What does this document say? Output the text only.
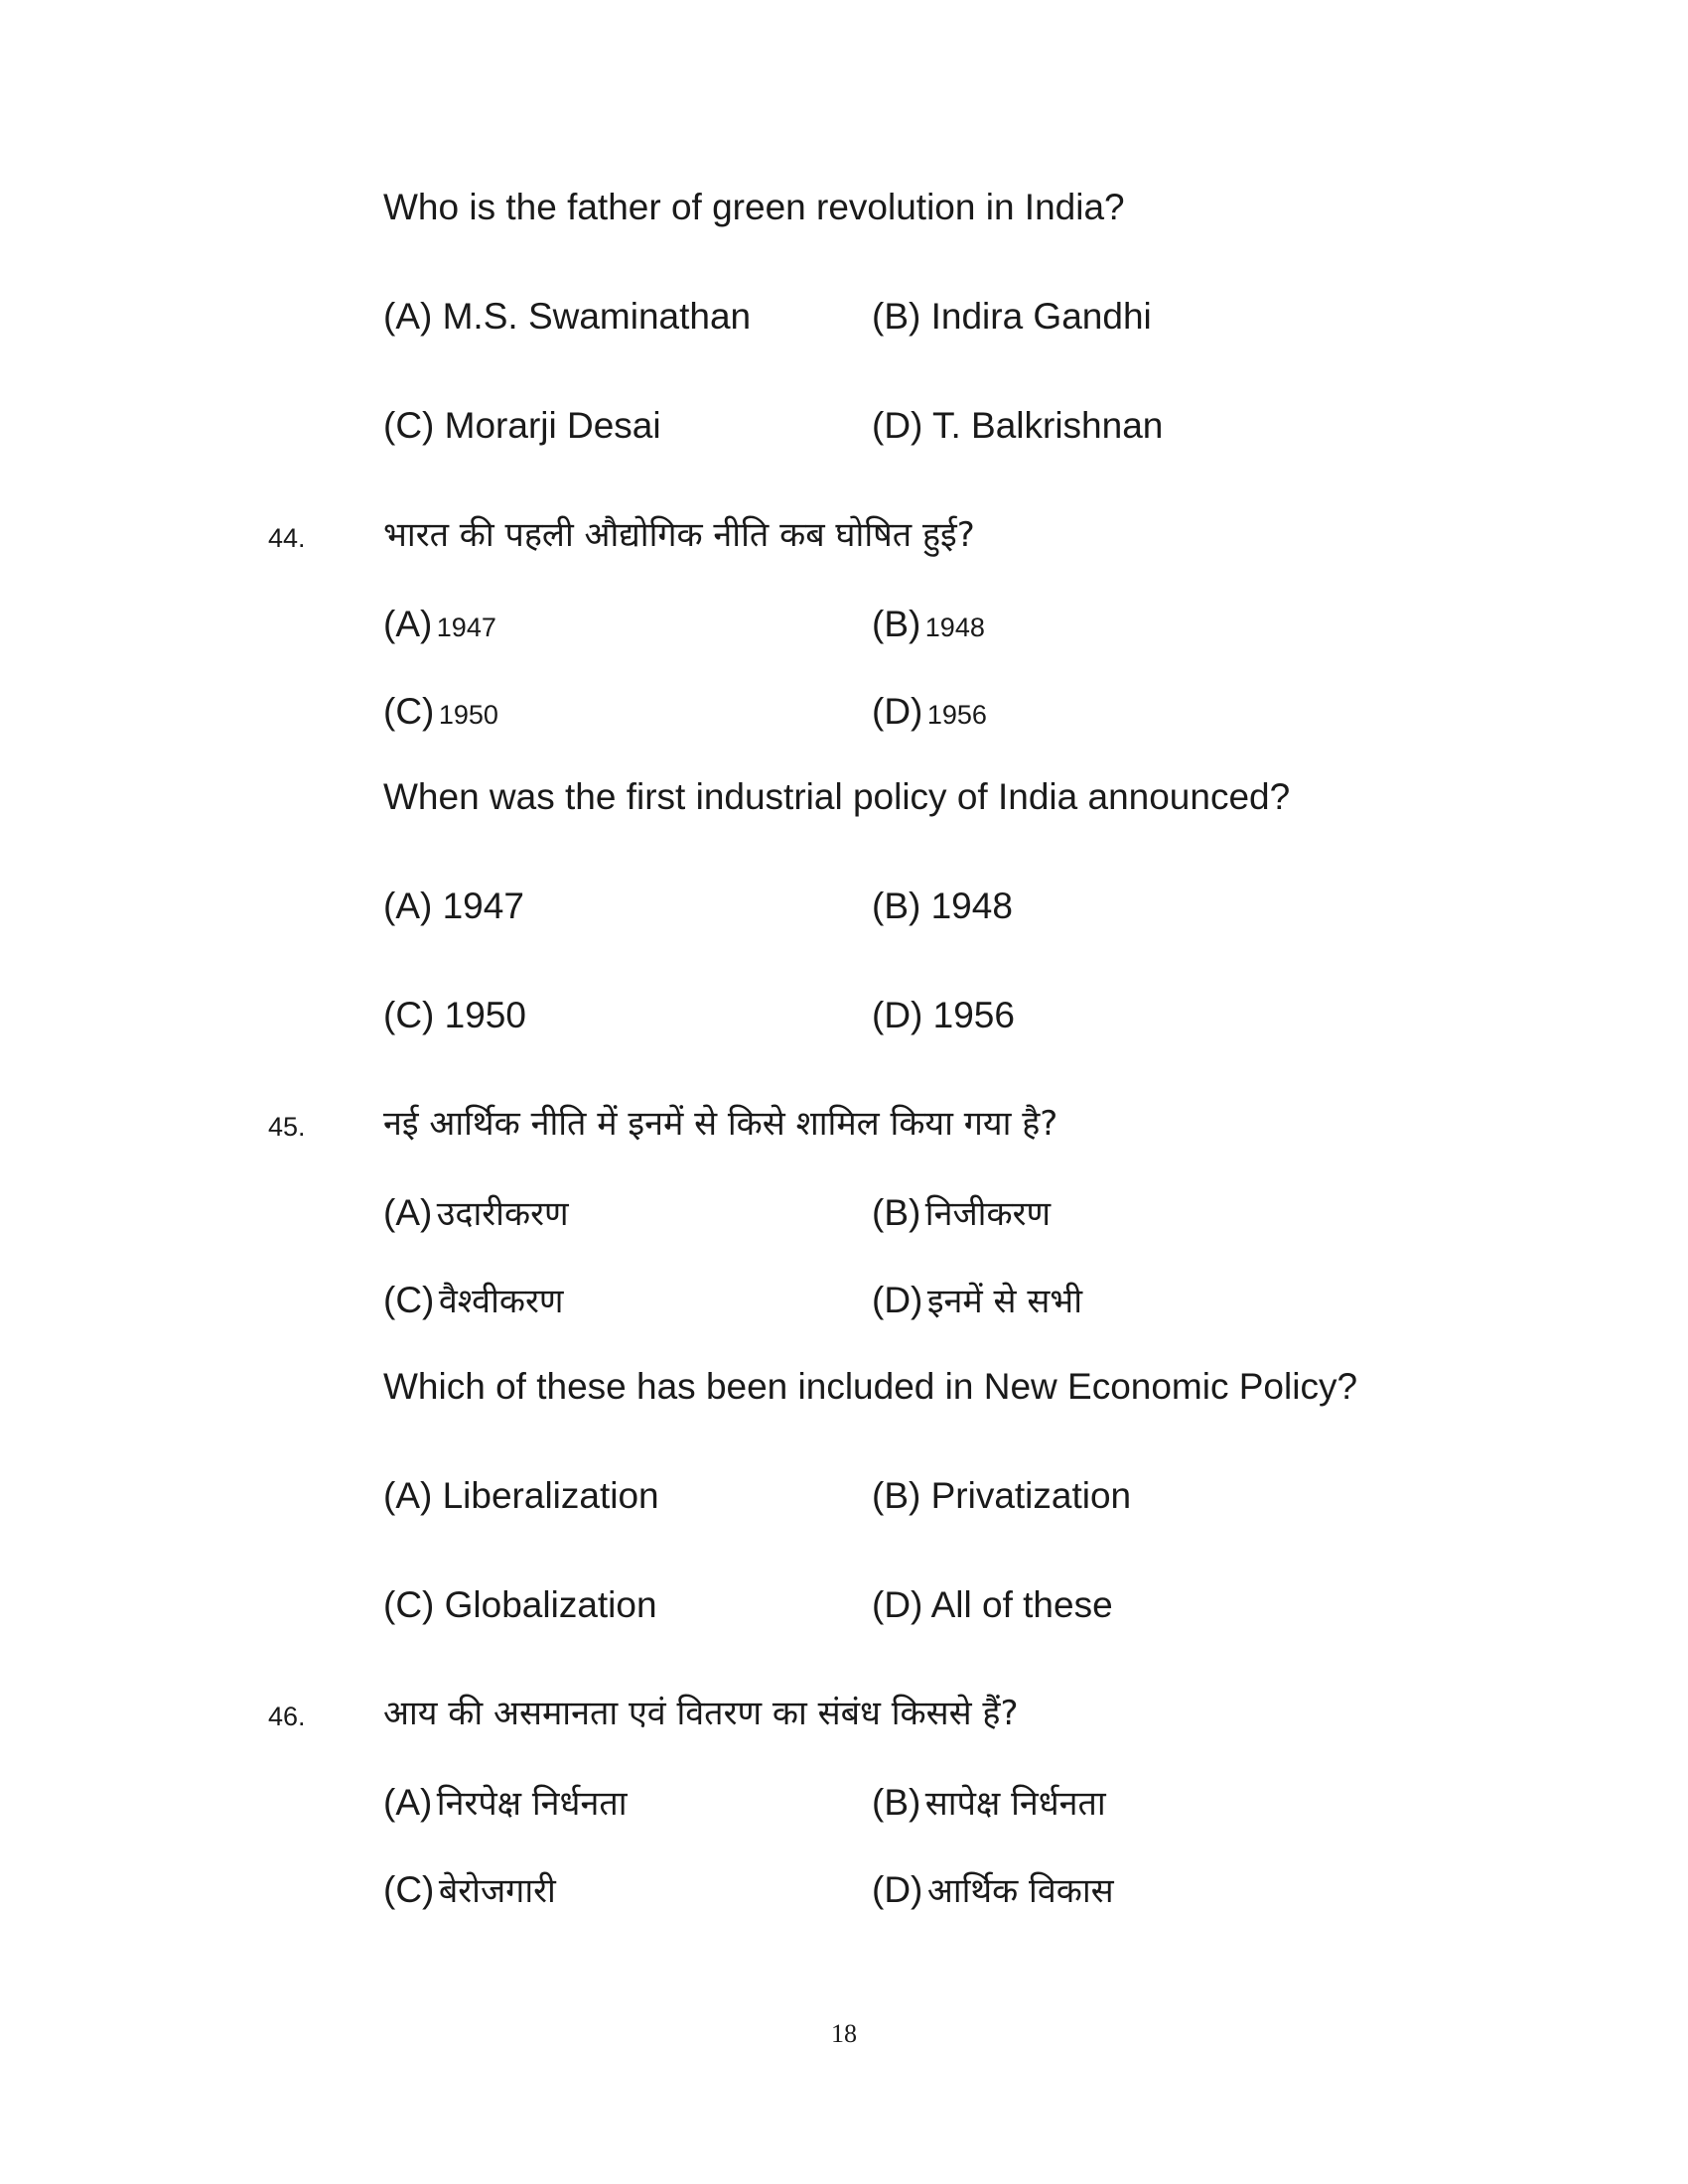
Who is the father of green revolution in India?
(A) M.S. Swaminathan	(B) Indira Gandhi
(C) Morarji Desai	(D) T. Balkrishnan
44. भारत की पहली औद्योगिक नीति कब घोषित हुई?
(A) 1947	(B) 1948
(C) 1950	(D) 1956
When was the first industrial policy of India announced?
(A) 1947	(B) 1948
(C) 1950	(D) 1956
45. नई आर्थिक नीति में इनमें से किसे शामिल किया गया है?
(A) उदारीकरण	(B) निजीकरण
(C) वैश्वीकरण	(D) इनमें से सभी
Which of these has been included in New Economic Policy?
(A) Liberalization	(B) Privatization
(C) Globalization	(D) All of these
46. आय की असमानता एवं वितरण का संबंध किससे हैं?
(A) निरपेक्ष निर्धनता	(B) सापेक्ष निर्धनता
(C) बेरोजगारी	(D) आर्थिक विकास
18
